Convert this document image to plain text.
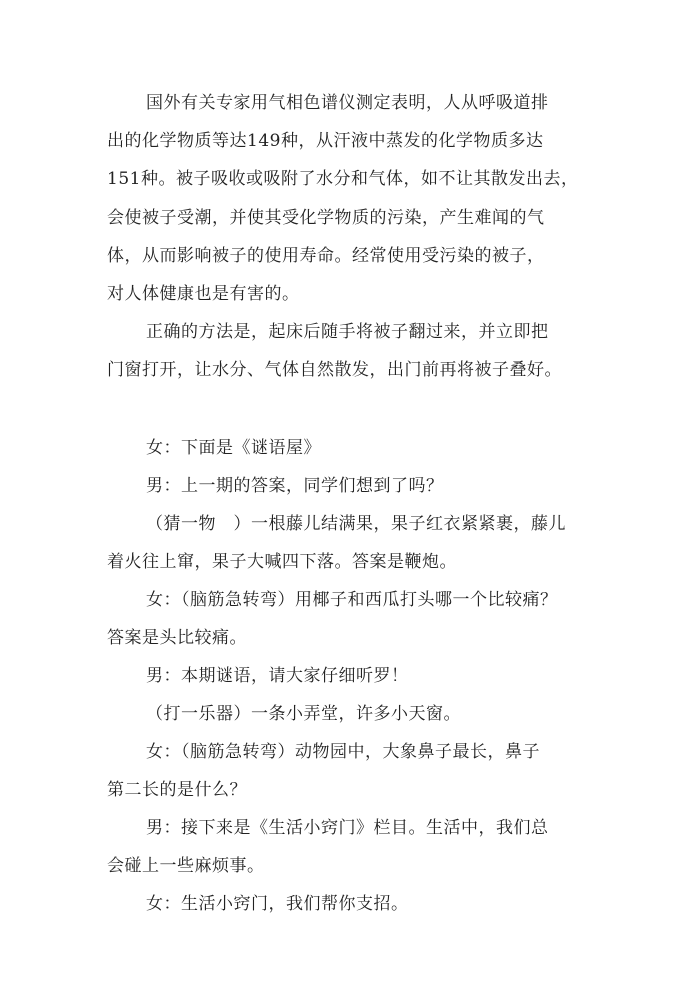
国外有关专家用气相色谱仪测定表明，人从呼吸道排
出的化学物质等达149种，从汗液中蒸发的化学物质多达
151种。被子吸收或吸附了水分和气体，如不让其散发出去，
会使被子受潮，并使其受化学物质的污染，产生难闻的气
体，从而影响被子的使用寿命。经常使用受污染的被子，
对人体健康也是有害的。
正确的方法是，起床后随手将被子翻过来，并立即把
门窗打开，让水分、气体自然散发，出门前再将被子叠好。
女：下面是《谜语屋》
男：上一期的答案，同学们想到了吗？
（猜一物　）一根藤儿结满果，果子红衣紧紧裹，藤儿
着火往上窜，果子大喊四下落。答案是鞭炮。
女：（脑筋急转弯）用椰子和西瓜打头哪一个比较痛？
答案是头比较痛。
男：本期谜语，请大家仔细听罗！
（打一乐器）一条小弄堂，许多小天窗。
女：（脑筋急转弯）动物园中，大象鼻子最长，鼻子
第二长的是什么？
男：接下来是《生活小窍门》栏目。生活中，我们总
会碰上一些麻烦事。
女：生活小窍门，我们帮你支招。
